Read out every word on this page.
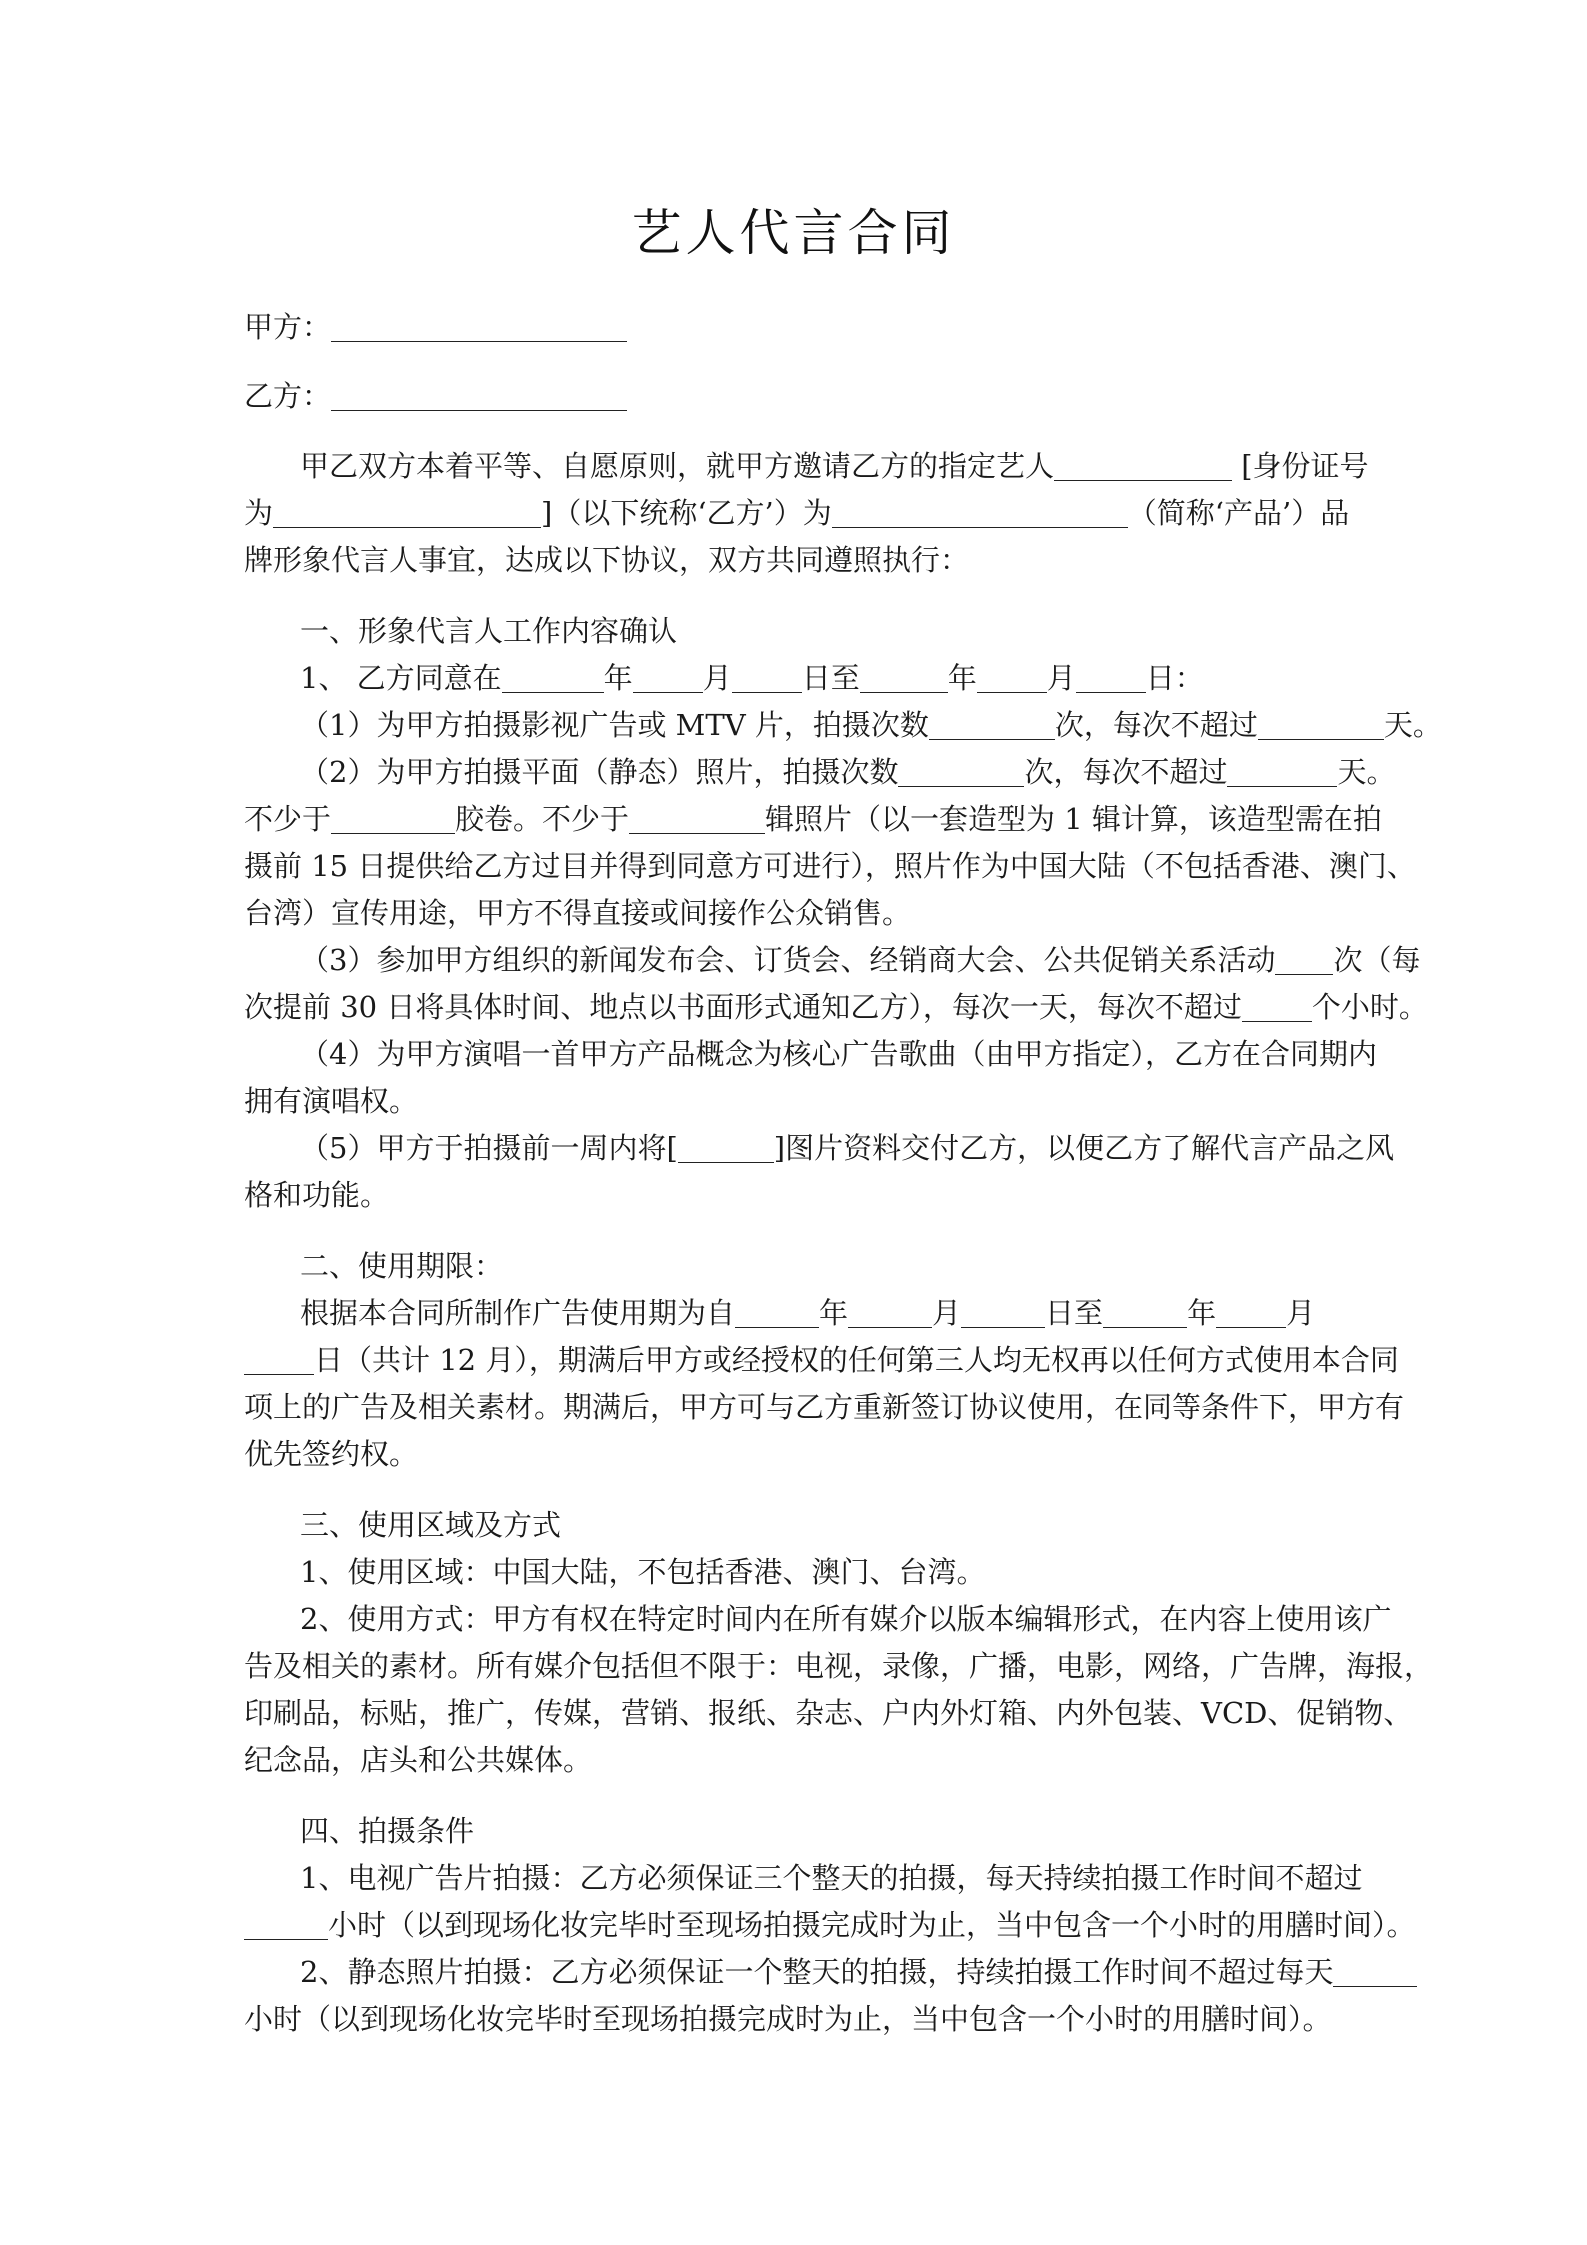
艺人代言合同
甲方：
乙方：
甲乙双方本着平等、自愿原则，就甲方邀请乙方的指定艺人	[身份证号
为	]（以下统称‘乙方’）为	（简称‘产品’）品
牌形象代言人事宜，达成以下协议，双方共同遵照执行：
一、形象代言人工作内容确认
1、 乙方同意在	年 月 日至	年 月 日：
（1）为甲方拍摄影视广告或 MTV 片，拍摄次数	次，每次不超过	天。
（2）为甲方拍摄平面（静态）照片，拍摄次数	次，每次不超过	天。
不少于	胶卷。不少于	辑照片（以一套造型为 1 辑计算，该造型需在拍
摄前 15 日提供给乙方过目并得到同意方可进行），照片作为中国大陆（不包括香港、澳门、
台湾）宣传用途，甲方不得直接或间接作公众销售。
（3）参加甲方组织的新闻发布会、订货会、经销商大会、公共促销关系活动 次（每
次提前 30 日将具体时间、地点以书面形式通知乙方），每次一天，每次不超过 个小时。
（4）为甲方演唱一首甲方产品概念为核心广告歌曲（由甲方指定），乙方在合同期内
拥有演唱权。
（5）甲方于拍摄前一周内将[	]图片资料交付乙方，以便乙方了解代言产品之风
格和功能。
二、使用期限：
根据本合同所制作广告使用期为自	年	月	日至	年 月
日（共计 12 月），期满后甲方或经授权的任何第三人均无权再以任何方式使用本合同
项上的广告及相关素材。期满后，甲方可与乙方重新签订协议使用，在同等条件下，甲方有
优先签约权。
三、使用区域及方式
1、使用区域：中国大陆，不包括香港、澳门、台湾。
2、使用方式：甲方有权在特定时间内在所有媒介以版本编辑形式，在内容上使用该广
告及相关的素材。所有媒介包括但不限于：电视，录像，广播，电影，网络，广告牌，海报，
印刷品，标贴，推广，传媒，营销、报纸、杂志、户内外灯箱、内外包装、VCD、促销物、
纪念品，店头和公共媒体。
四、拍摄条件
1、电视广告片拍摄：乙方必须保证三个整天的拍摄，每天持续拍摄工作时间不超过
小时（以到现场化妆完毕时至现场拍摄完成时为止，当中包含一个小时的用膳时间）。
2、静态照片拍摄：乙方必须保证一个整天的拍摄，持续拍摄工作时间不超过每天
小时（以到现场化妆完毕时至现场拍摄完成时为止，当中包含一个小时的用膳时间）。
